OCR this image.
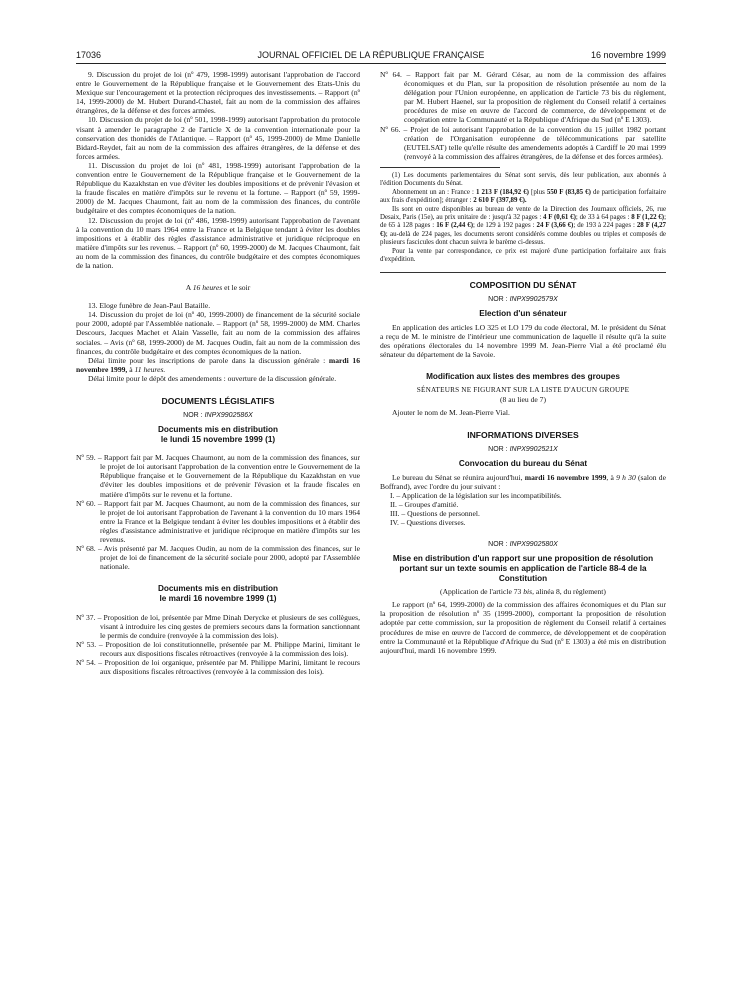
17036	JOURNAL OFFICIEL DE LA RÉPUBLIQUE FRANÇAISE	16 novembre 1999

9. Discussion du projet de loi (nº 479, 1998-1999) autorisant l'approbation de l'accord entre le Gouvernement de la République française et le Gouvernement des Etats-Unis du Mexique sur l'encouragement et la protection réciproques des investissements. – Rapport (nº 14, 1999-2000) de M. Hubert Durand-Chastel, fait au nom de la commission des affaires étrangères, de la défense et des forces armées.

10. Discussion du projet de loi (nº 501, 1998-1999) autorisant l'approbation du protocole visant à amender le paragraphe 2 de l'article X de la convention internationale pour la conservation des thonidés de l'Atlantique. – Rapport (nº 45, 1999-2000) de Mme Danielle Bidard-Reydet, fait au nom de la commission des affaires étrangères, de la défense et des forces armées.

11. Discussion du projet de loi (nº 481, 1998-1999) autorisant l'approbation de la convention entre le Gouvernement de la République française et le Gouvernement de la République du Kazakhstan en vue d'éviter les doubles impositions et de prévenir l'évasion et la fraude fiscales en matière d'impôts sur le revenu et la fortune. – Rapport (nº 59, 1999-2000) de M. Jacques Chaumont, fait au nom de la commission des finances, du contrôle budgétaire et des comptes économiques de la nation.

12. Discussion du projet de loi (nº 486, 1998-1999) autorisant l'approbation de l'avenant à la convention du 10 mars 1964 entre la France et la Belgique tendant à éviter les doubles impositions et à établir des règles d'assistance administrative et juridique réciproque en matière d'impôts sur les revenus. – Rapport (nº 60, 1999-2000) de M. Jacques Chaumont, fait au nom de la commission des finances, du contrôle budgétaire et des comptes économiques de la nation.

A 16 heures et le soir

13. Eloge funèbre de Jean-Paul Bataille.

14. Discussion du projet de loi (nº 40, 1999-2000) de financement de la sécurité sociale pour 2000, adopté par l'Assemblée nationale. – Rapport (nº 58, 1999-2000) de MM. Charles Descours, Jacques Machet et Alain Vasselle, fait au nom de la commission des affaires sociales. – Avis (nº 68, 1999-2000) de M. Jacques Oudin, fait au nom de la commission des finances, du contrôle budgétaire et des comptes économiques de la nation.

Délai limite pour les inscriptions de parole dans la discussion générale : mardi 16 novembre 1999, à 11 heures.

Délai limite pour le dépôt des amendements : ouverture de la discussion générale.

DOCUMENTS LÉGISLATIFS

NOR : INPX9902586X

Documents mis en distribution
le lundi 15 novembre 1999 (1)

Nº 59. – Rapport fait par M. Jacques Chaumont, au nom de la commission des finances, sur le projet de loi autorisant l'approbation de la convention entre le Gouvernement de la République française et le Gouvernement de la République du Kazakhstan en vue d'éviter les doubles impositions et de prévenir l'évasion et la fraude fiscales en matière d'impôts sur le revenu et la fortune.

Nº 60. – Rapport fait par M. Jacques Chaumont, au nom de la commission des finances, sur le projet de loi autorisant l'approbation de l'avenant à la convention du 10 mars 1964 entre la France et la Belgique tendant à éviter les doubles impositions et à établir des règles d'assistance administrative et juridique réciproque en matière d'impôts sur les revenus.

Nº 68. – Avis présenté par M. Jacques Oudin, au nom de la commission des finances, sur le projet de loi de financement de la sécurité sociale pour 2000, adopté par l'Assemblée nationale.

Documents mis en distribution
le mardi 16 novembre 1999 (1)

Nº 37. – Proposition de loi, présentée par Mme Dinah Derycke et plusieurs de ses collègues, visant à introduire les cinq gestes de premiers secours dans la formation sanctionnant le permis de conduire (renvoyée à la commission des lois).

Nº 53. – Proposition de loi constitutionnelle, présentée par M. Philippe Marini, limitant le recours aux dispositions fiscales rétroactives (renvoyée à la commission des lois).

Nº 54. – Proposition de loi organique, présentée par M. Philippe Marini, limitant le recours aux dispositions fiscales rétroactives (renvoyée à la commission des lois).

Nº 64. – Rapport fait par M. Gérard César, au nom de la commission des affaires économiques et du Plan, sur la proposition de résolution présentée au nom de la délégation pour l'Union européenne, en application de l'article 73 bis du règlement, par M. Hubert Haenel, sur la proposition de règlement du Conseil relatif à certaines procédures de mise en œuvre de l'accord de commerce, de développement et de coopération entre la Communauté et la République d'Afrique du Sud (nº E 1303).

Nº 66. – Projet de loi autorisant l'approbation de la convention du 15 juillet 1982 portant création de l'Organisation européenne de télécommunications par satellite (EUTELSAT) telle qu'elle résulte des amendements adoptés à Cardiff le 20 mai 1999 (renvoyé à la commission des affaires étrangères, de la défense et des forces armées).

(1) Les documents parlementaires du Sénat sont servis, dès leur publication, aux abonnés à l'édition Documents du Sénat.

Abonnement un an : France : 1 213 F (184,92 €) [plus 550 F (83,85 €) de participation forfaitaire aux frais d'expédition]; étranger : 2 610 F (397,89 €).

Ils sont en outre disponibles au bureau de vente de la Direction des Journaux officiels, 26, rue Desaix, Paris (15e), au prix unitaire de : jusqu'à 32 pages : 4 F (0,61 €); de 33 à 64 pages : 8 F (1,22 €); de 65 à 128 pages : 16 F (2,44 €); de 129 à 192 pages : 24 F (3,66 €); de 193 à 224 pages : 28 F (4,27 €); au-delà de 224 pages, les documents seront considérés comme doubles ou triples et composés de plusieurs fascicules dont chacun suivra le barème ci-dessus.

Pour la vente par correspondance, ce prix est majoré d'une participation forfaitaire aux frais d'expédition.

COMPOSITION DU SÉNAT

NOR : INPX9902579X

Election d'un sénateur

En application des articles LO 325 et LO 179 du code électoral, M. le président du Sénat a reçu de M. le ministre de l'intérieur une communication de laquelle il résulte qu'à la suite des opérations électorales du 14 novembre 1999 M. Jean-Pierre Vial a été proclamé élu sénateur du département de la Savoie.

Modification aux listes des membres des groupes

SÉNATEURS NE FIGURANT SUR LA LISTE D'AUCUN GROUPE

(8 au lieu de 7)

Ajouter le nom de M. Jean-Pierre Vial.

INFORMATIONS DIVERSES

NOR : INPX9902521X

Convocation du bureau du Sénat

Le bureau du Sénat se réunira aujourd'hui, mardi 16 novembre 1999, à 9 h 30 (salon de Boffrand), avec l'ordre du jour suivant :

I. – Application de la législation sur les incompatibilités.

II. – Groupes d'amitié.

III. – Questions de personnel.

IV. – Questions diverses.

NOR : INPX9902580X

Mise en distribution d'un rapport sur une proposition de résolution portant sur un texte soumis en application de l'article 88-4 de la Constitution

(Application de l'article 73 bis, alinéa 8, du règlement)

Le rapport (nº 64, 1999-2000) de la commission des affaires économiques et du Plan sur la proposition de résolution nº 35 (1999-2000), comportant la proposition de résolution adoptée par cette commission, sur la proposition de règlement du Conseil relatif à certaines procédures de mise en œuvre de l'accord de commerce, de développement et de coopération entre la Communauté et la République d'Afrique du Sud (nº E 1303) a été mis en distribution aujourd'hui, mardi 16 novembre 1999.
